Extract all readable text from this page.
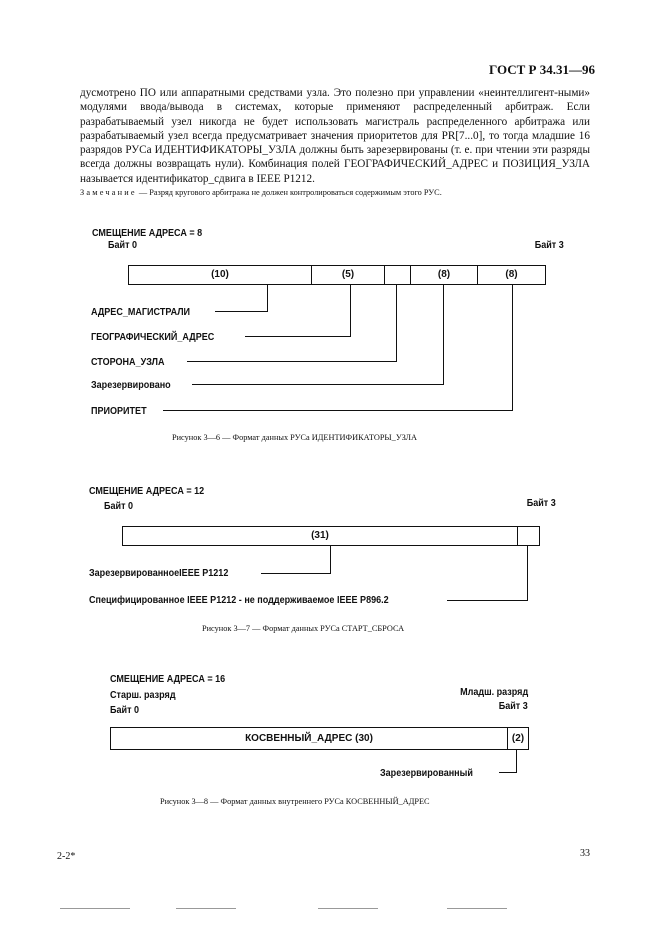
ГОСТ Р 34.31—96

дусмотрено ПО или аппаратными средствами узла. Это полезно при управлении «неинтеллигент-ными» модулями ввода/вывода в системах, которые применяют распределенный арбитраж. Если разрабатываемый узел никогда не будет использовать магистраль распределенного арбитража или разрабатываемый узел всегда предусматривает значения приоритетов для PR[7...0], то тогда младшие 16 разрядов РУСа ИДЕНТИФИКАТОРЫ_УЗЛА должны быть зарезервированы (т. е. при чтении эти разряды всегда должны возвращать нули). Комбинация полей ГЕОГРАФИЧЕСКИЙ_АДРЕС и ПОЗИЦИЯ_УЗЛА называется идентификатор_сдвига в IEEE P1212.

Замечание — Разряд кругового арбитража не должен контролироваться содержимым этого РУС.
СМЕЩЕНИЕ АДРЕСА = 8
Байт 0	Байт 3
(10)	(5)	(8)	(8)
АДРЕС_МАГИСТРАЛИ
ГЕОГРАФИЧЕСКИЙ_АДРЕС
СТОРОНА_УЗЛА
Зарезервировано
ПРИОРИТЕТ
Рисунок 3—6 — Формат данных РУСа ИДЕНТИФИКАТОРЫ_УЗЛА
СМЕЩЕНИЕ АДРЕСА = 12
Байт 0	Байт 3
(31)
ЗарезервированноеIEEE P1212
Специфицированное IEEE P1212 - не поддерживаемое IEEE P896.2
Рисунок 3—7 — Формат данных РУСа СТАРТ_СБРОСА
СМЕЩЕНИЕ АДРЕСА = 16
Старш. разряд
Байт 0
Младш. разряд
Байт 3
КОСВЕННЫЙ_АДРЕС (30)	(2)
Зарезервированный
Рисунок 3—8 — Формат данных внутреннего РУСа КОСВЕННЫЙ_АДРЕС
2-2*	33
